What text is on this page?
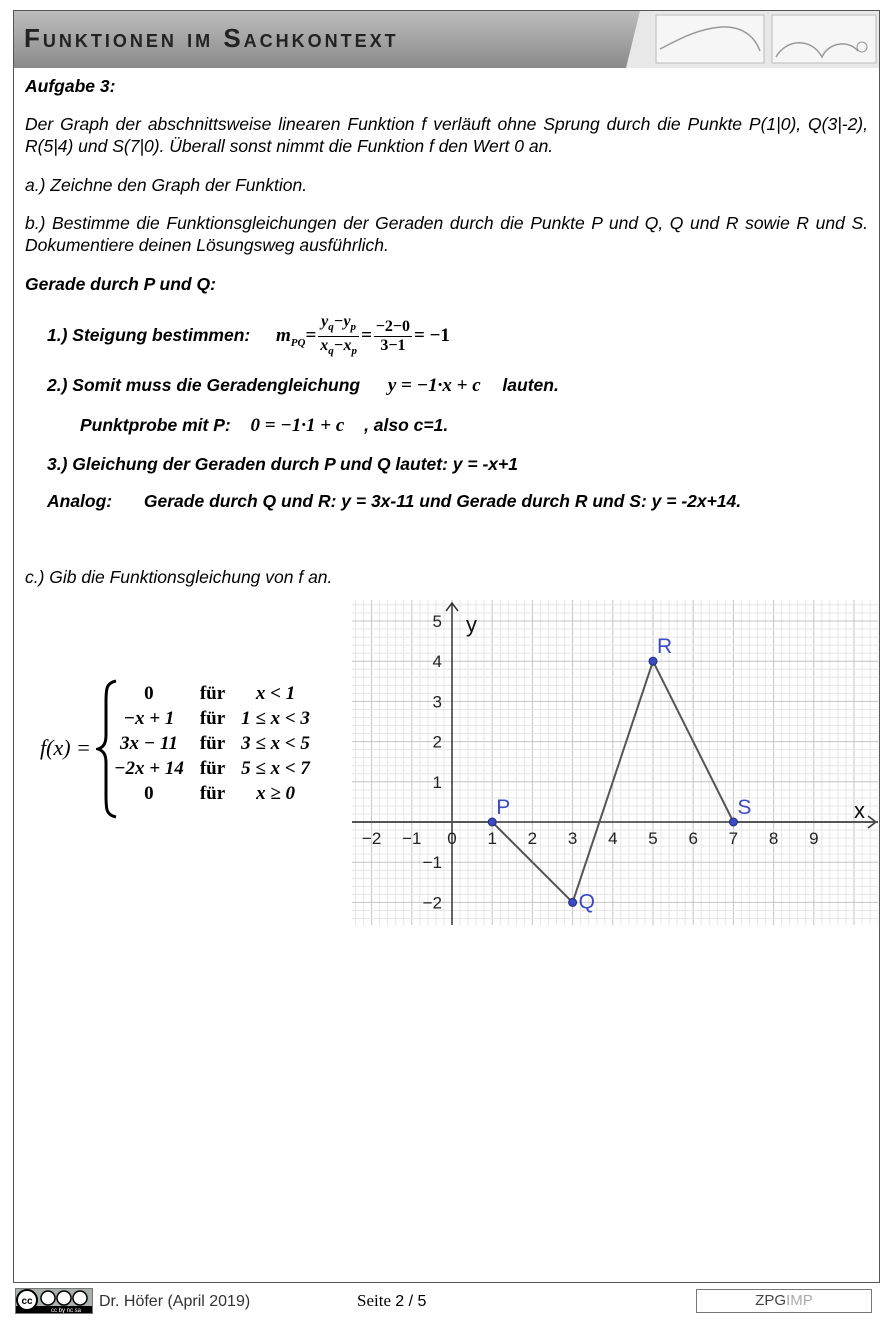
Funktionen im Sachkontext
Aufgabe 3:
Der Graph der abschnittsweise linearen Funktion f verläuft ohne Sprung durch die Punkte P(1|0), Q(3|-2), R(5|4) und S(7|0). Überall sonst nimmt die Funktion f den Wert 0 an.
a.) Zeichne den Graph der Funktion.
b.) Bestimme die Funktionsgleichungen der Geraden durch die Punkte P und Q, Q und R sowie R und S. Dokumentiere deinen Lösungsweg ausführlich.
Gerade durch P und Q:
1.) Steigung bestimmen: $m_{PQ}= \frac{y_q-y_p}{x_q-x_p} = \frac{-2-0}{3-1} = -1$
2.) Somit muss die Geradengleichung y = −1·x + c lauten.
Punktprobe mit P: 0 = −1·1 + c , also c=1.
3.) Gleichung der Geraden durch P und Q lautet: y = -x+1
Analog: Gerade durch Q und R: y = 3x-11 und Gerade durch R und S: y = -2x+14.
c.) Gib die Funktionsgleichung von f an.
f(x) =
0	für	x < 1
−x + 1	für	1 ≤ x < 3
3x − 11	für	3 ≤ x < 5
−2x + 14	für	5 ≤ x < 7
0	für	x ≥ 0
−2 −1 0 1 2 3 4 5 6 7 8 9
−2
−1
1
2
3
4
5
x
y
P
Q
R
S
cc
cc by nc sa
Dr. Höfer (April 2019)	Seite 2 / 5	ZPGIMP
